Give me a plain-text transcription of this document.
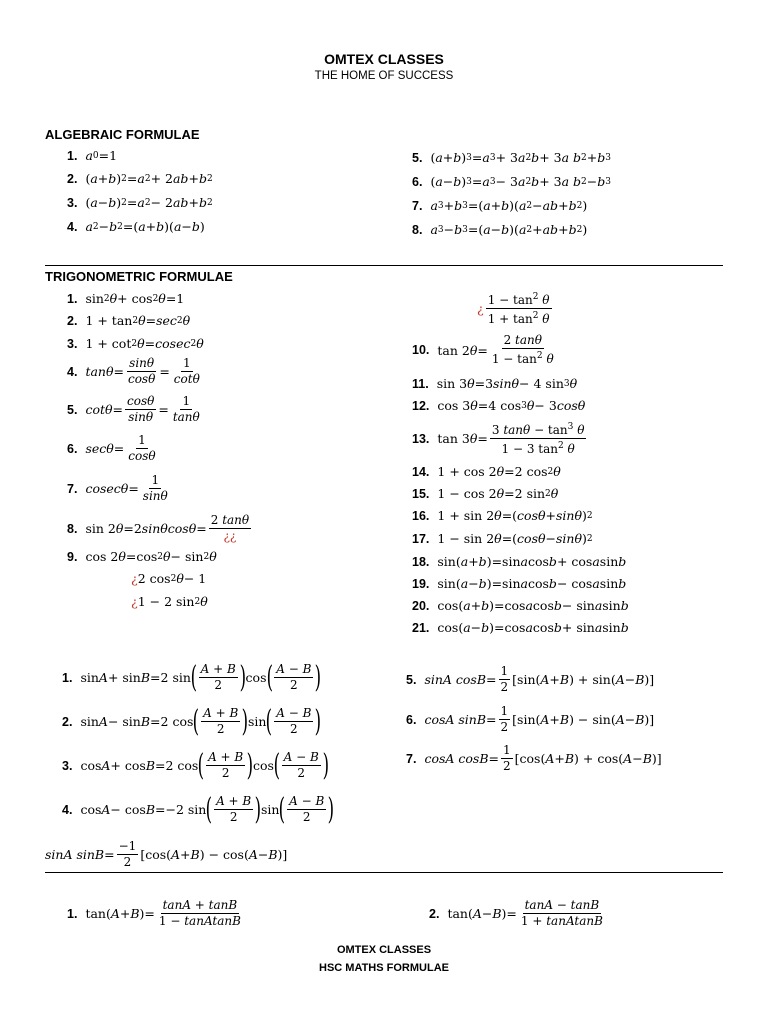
OMTEX CLASSES
THE HOME OF SUCCESS
ALGEBRAIC FORMULAE
1. a 0 =1
2. ( a + b ) 2 = a 2 + 2 ab + b 2
3. ( a − b ) 2 = a 2 − 2 ab + b 2
4. a 2 − b 2 =( a + b )( a − b )
5. ( a + b ) 3 = a 3 + 3 a 2 b + 3 a b 2 + b 3
6. ( a − b ) 3 = a 3 − 3 a 2 b + 3 a b 2 − b 3
7. a 3 + b 3 =( a + b )( a 2 − ab + b 2 )
8. a 3 − b 3 =( a − b )( a 2 + ab + b 2 )
TRIGONOMETRIC FORMULAE
1. sin 2 θ + cos 2 θ =1
2. 1 + tan 2 θ = sec 2 θ
3. 1 + cot 2 θ = cosec 2 θ
4. $\tan\theta = \frac{\sin\theta}{\cos\theta} = \frac{1}{\cot\theta}$
5. $\cot\theta = \frac{\cos\theta}{\sin\theta} = \frac{1}{\tan\theta}$
6. $\sec\theta = \frac{1}{\cos\theta}$
7. $cosec\theta = \frac{1}{\sin\theta}$
8. sin 2 θ =2 $\sin\theta\cos\theta = \frac{2 \tan\theta}{¿¿}$
9. cos 2 θ =cos 2 θ − sin 2 θ
¿ 2 cos 2 θ − 1
¿ 1 − 2 sin 2 θ
¿ $\frac{1 - \tan^2 \theta}{1 + \tan^2 \theta}$
10. tan 2 $\theta = \frac{2 \tan\theta}{1 - \tan^2 \theta}$
11. sin 3 θ =3 sinθ − 4 sin 3 θ
12. cos 3 θ =4 cos 3 θ − 3 cosθ
13. tan 3 $\theta = \frac{3 \tan\theta - \tan^3 \theta}{1 - 3 \tan^2 \theta}$
14. 1 + cos 2 θ =2 cos 2 θ
15. 1 − cos 2 θ =2 sin 2 θ
16. 1 + sin 2 θ =( cosθ + sinθ ) 2
17. 1 − sin 2 θ =( cosθ − sinθ ) 2
18. sin( a + b )=sin a cos b + cos a sin b
19. sin( a − b )=sin a cos b − cos a sin b
20. cos( a + b )=cos a cos b − sin a sin b
21. cos( a − b )=cos a cos b + sin a sin b
1. sin A + sin B =2 sin ( $\frac{A + B}{2}$ ) cos ( $\frac{A - B}{2}$ )
2. sin A − sin B =2 cos ( $\frac{A + B}{2}$ ) sin ( $\frac{A - B}{2}$ )
3. cos A + cos B =2 cos ( $\frac{A + B}{2}$ ) cos ( $\frac{A - B}{2}$ )
4. cos A − cos B =−2 sin ( $\frac{A + B}{2}$ ) sin ( $\frac{A - B}{2}$ )
sinA $\sin B = \frac{-1}{2} [\cos$( A + B ) − cos( A − B )]
5. sinA $\cos B = \frac{1}{2} [\sin$( A + B ) + sin( A − B )]
6. cosA $\sin B = \frac{1}{2} [\sin$( A + B ) − sin( A − B )]
7. cosA $\cos B = \frac{1}{2} [\cos$( A + B ) + cos( A − B )]
1. tan( A + B )= $\frac{\tan A + \tan B}{\text{1 − tanAtanB}}$	2. tan( A − B )= $\frac{\tan A - \tan B}{\text{1 + tanAtanB}}$
OMTEX CLASSES
HSC MATHS FORMULAE
